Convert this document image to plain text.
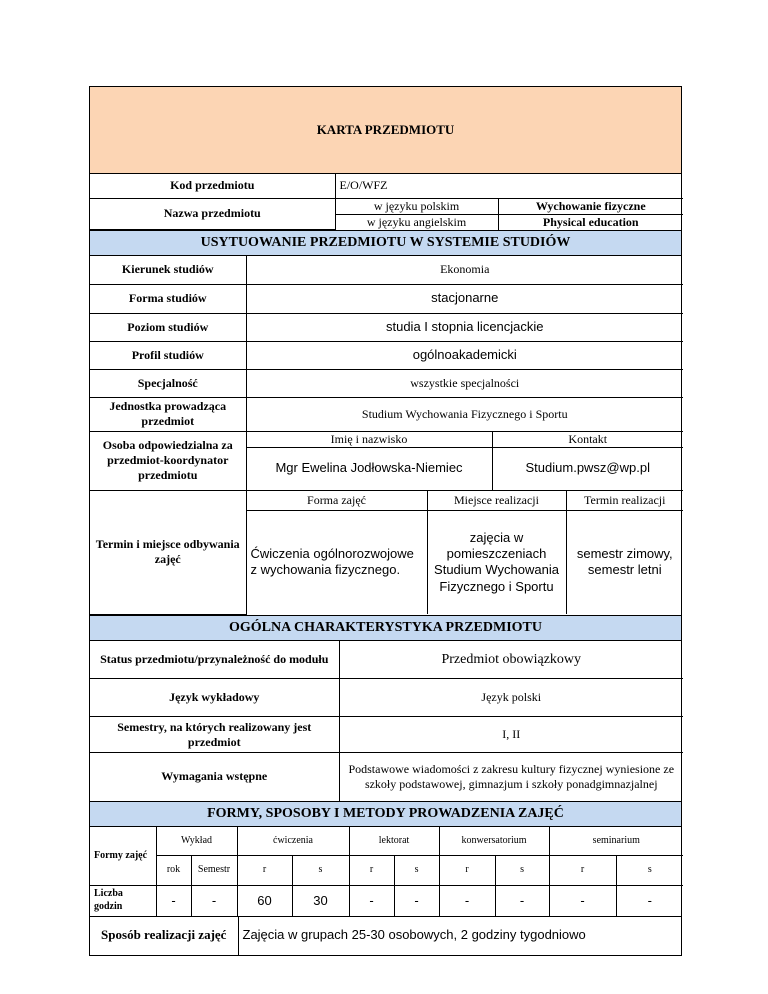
KARTA PRZEDMIOTU
Kod przedmiotu	E/O/WFZ	
Nazwa przedmiotu	w języku polskim	Wychowanie fizyczne
	w języku angielskim	Physical education
USYTUOWANIE PRZEDMIOTU W SYSTEMIE STUDIÓW
Kierunek studiów	Ekonomia			
Forma studiów	stacjonarne			
Poziom studiów	studia I stopnia licencjackie			
Profil studiów	ogólnoakademicki			
Specjalność	wszystkie specjalności			
Jednostka prowadząca przedmiot	Studium Wychowania Fizycznego i Sportu			
Osoba odpowiedzialna za przedmiot-koordynator przedmiotu	Imię i nazwisko		Kontakt	
	Mgr Ewelina Jodłowska-Niemiec		Studium.pwsz@wp.pl	
Termin i miejsce odbywania zajęć	Forma zajęć	Miejsce realizacji		Termin realizacji
	Ćwiczenia ogólnorozwojowe z wychowania fizycznego.	zajęcia w pomieszczeniach Studium Wychowania Fizycznego i Sportu		semestr zimowy, semestr letni
OGÓLNA CHARAKTERYSTYKA PRZEDMIOTU
Status przedmiotu/przynależność do modułu	Przedmiot obowiązkowy
Język wykładowy	Język polski
Semestry, na których realizowany jest przedmiot	I, II
Wymagania wstępne	Podstawowe wiadomości z zakresu kultury fizycznej wyniesione ze szkoły podstawowej, gimnazjum i szkoły ponadgimnazjalnej
FORMY, SPOSOBY I METODY PROWADZENIA ZAJĘĆ
Formy zajęć	Wykład		ćwiczenia		lektorat		konwersatorium		seminarium	
	rok	Semestr	r	s	r	s	r	s	r	s
Liczba godzin	-	-	60	30	-	-	-	-	-	-
Sposób realizacji zajęć	Zajęcia w grupach 25-30 osobowych, 2 godziny tygodniowo
